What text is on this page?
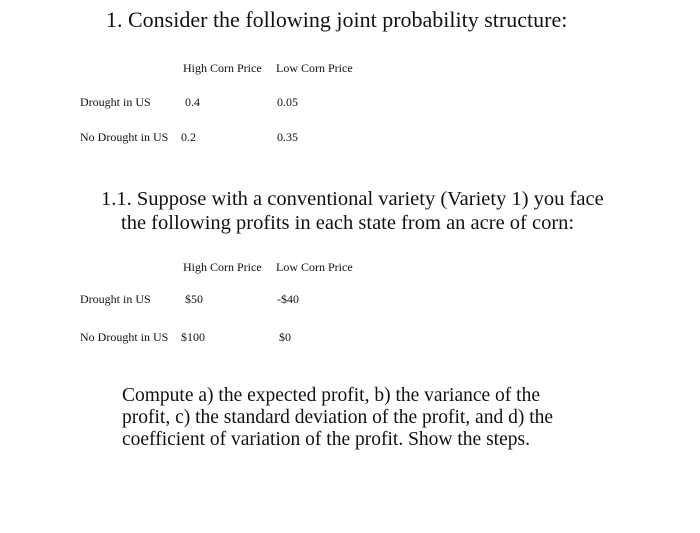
1. Consider the following joint probability structure:
High Corn Price Low Corn Price
Drought in US	0.4	0.05
No Drought in US 0.2	0.35
1.1. Suppose with a conventional variety (Variety 1) you face
the following profits in each state from an acre of corn:
High Corn Price Low Corn Price
Drought in US	$50	-$40
No Drought in US $100	$0
Compute a) the expected profit, b) the variance of the
profit, c) the standard deviation of the profit, and d) the
coefficient of variation of the profit. Show the steps.
